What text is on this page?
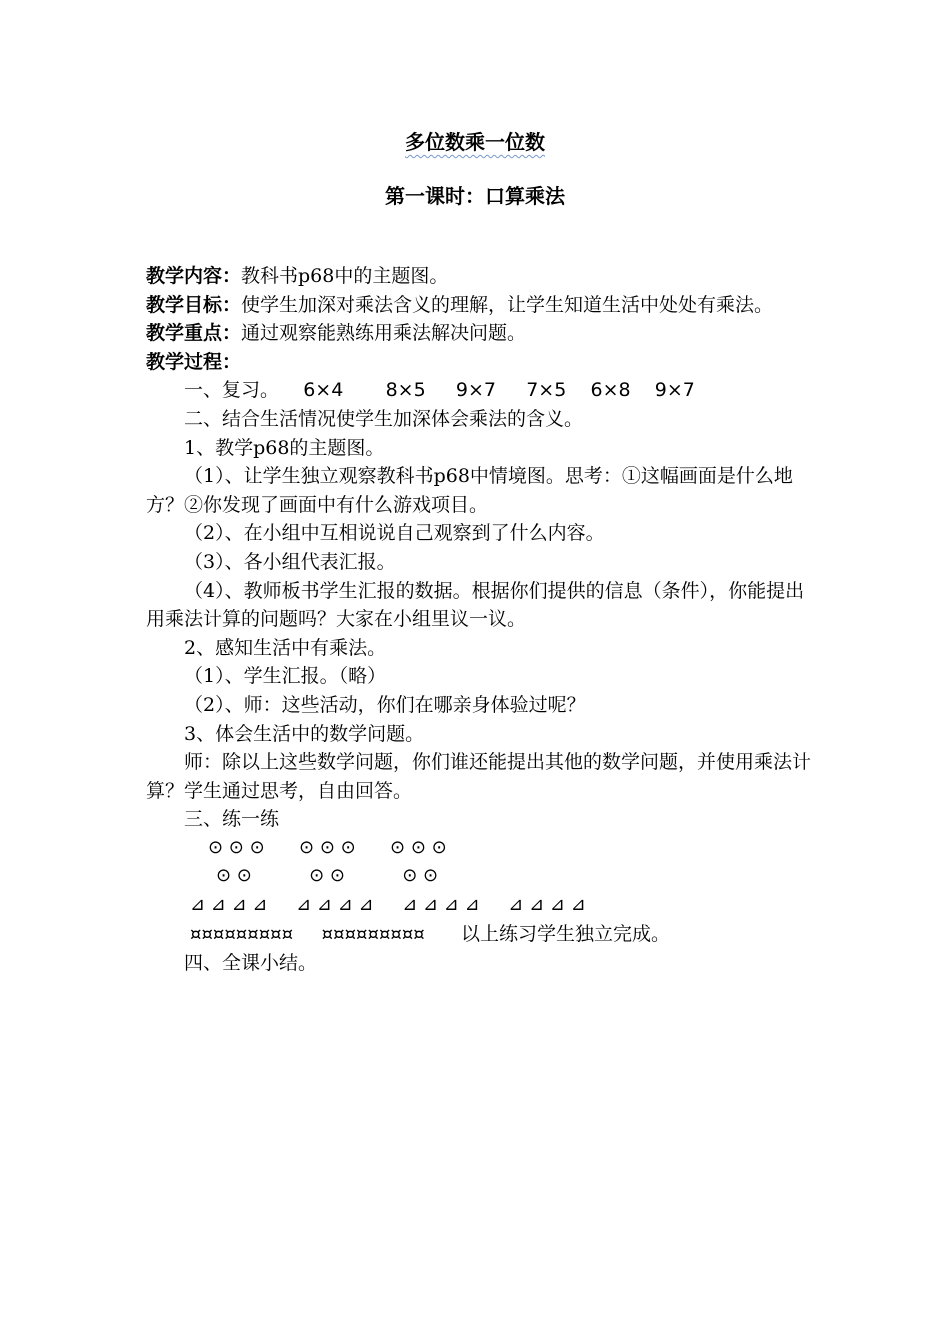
多位数乘一位数
第一课时：口算乘法
教学内容：教科书p68中的主题图。
教学目标：使学生加深对乘法含义的理解，让学生知道生活中处处有乘法。
教学重点：通过观察能熟练用乘法解决问题。
教学过程：
一、复习。 6×4 8×5 9×7 7×5 6×8 9×7
二、结合生活情况使学生加深体会乘法的含义。
1、教学p68的主题图。
（1）、让学生独立观察教科书p68中情境图。思考：①这幅画面是什么地方？②你发现了画面中有什么游戏项目。
（2）、在小组中互相说说自己观察到了什么内容。
（3）、各小组代表汇报。
（4）、教师板书学生汇报的数据。根据你们提供的信息（条件），你能提出用乘法计算的问题吗？大家在小组里议一议。
2、感知生活中有乘法。
（1）、学生汇报。（略）
（2）、师：这些活动，你们在哪亲身体验过呢？
3、体会生活中的数学问题。
师：除以上这些数学问题，你们谁还能提出其他的数学问题，并使用乘法计算？学生通过思考，自由回答。
三、练一练
⊙ ⊙ ⊙      ⊙ ⊙ ⊙      ⊙ ⊙ ⊙
⊙ ⊙          ⊙ ⊙          ⊙ ⊙
⊿ ⊿ ⊿ ⊿     ⊿ ⊿ ⊿ ⊿     ⊿ ⊿ ⊿ ⊿     ⊿ ⊿ ⊿ ⊿
¤¤¤¤¤¤¤¤¤     ¤¤¤¤¤¤¤¤¤ 以上练习学生独立完成。
四、全课小结。
